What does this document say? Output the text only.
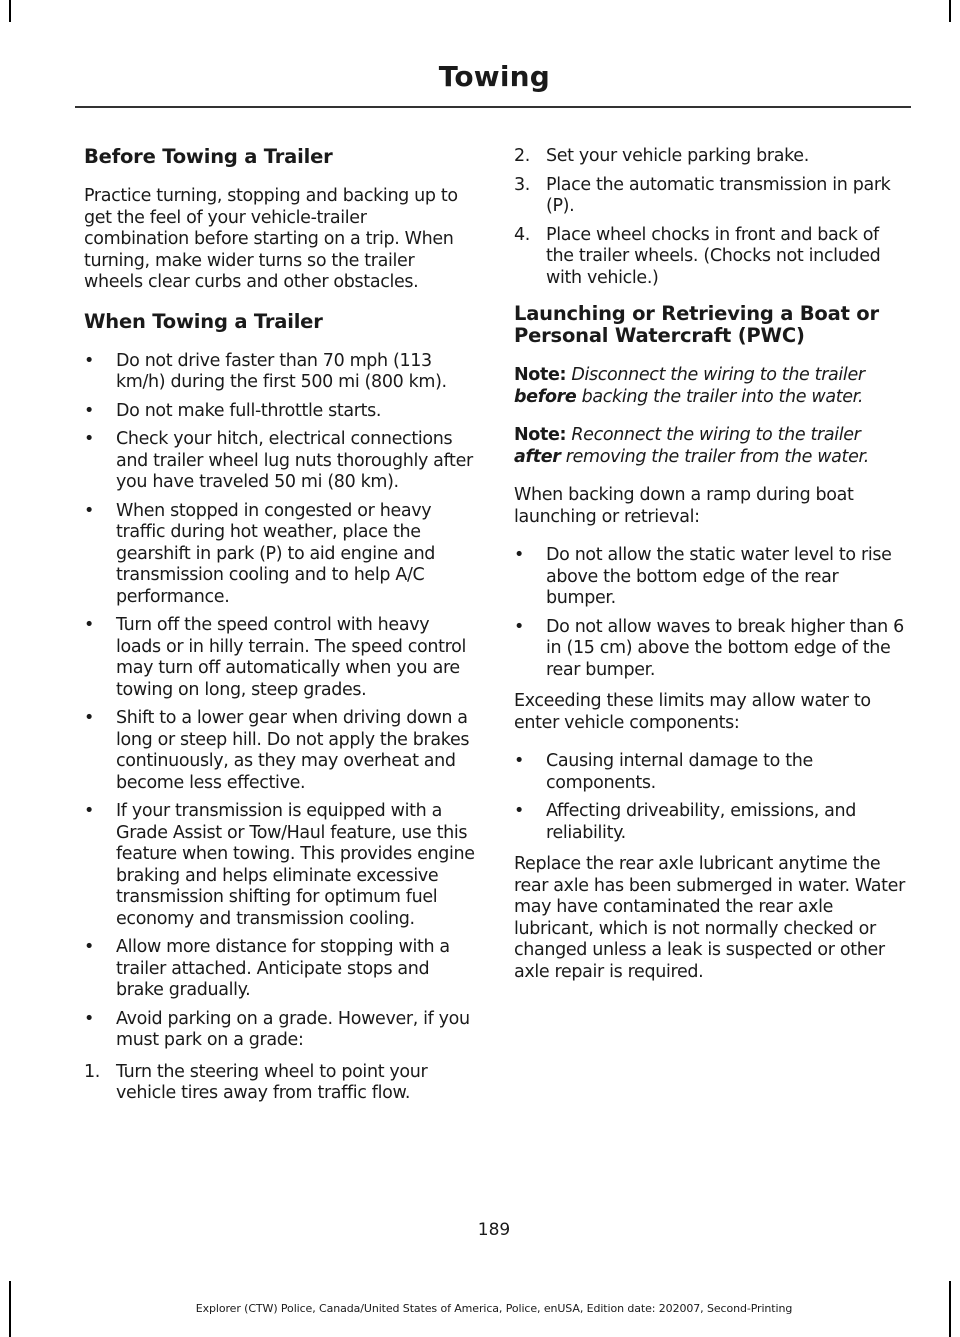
Towing
Before Towing a Trailer

Practice turning, stopping and backing up to get the feel of your vehicle-trailer combination before starting on a trip. When turning, make wider turns so the trailer wheels clear curbs and other obstacles.

When Towing a Trailer
• Do not drive faster than 70 mph (113 km/h) during the first 500 mi (800 km).
• Do not make full-throttle starts.
• Check your hitch, electrical connections and trailer wheel lug nuts thoroughly after you have traveled 50 mi (80 km).
• When stopped in congested or heavy traffic during hot weather, place the gearshift in park (P) to aid engine and transmission cooling and to help A/C performance.
• Turn off the speed control with heavy loads or in hilly terrain. The speed control may turn off automatically when you are towing on long, steep grades.
• Shift to a lower gear when driving down a long or steep hill. Do not apply the brakes continuously, as they may overheat and become less effective.
• If your transmission is equipped with a Grade Assist or Tow/Haul feature, use this feature when towing. This provides engine braking and helps eliminate excessive transmission shifting for optimum fuel economy and transmission cooling.
• Allow more distance for stopping with a trailer attached. Anticipate stops and brake gradually.
• Avoid parking on a grade. However, if you must park on a grade:
1. Turn the steering wheel to point your vehicle tires away from traffic flow.
2. Set your vehicle parking brake.
3. Place the automatic transmission in park (P).
4. Place wheel chocks in front and back of the trailer wheels. (Chocks not included with vehicle.)
Launching or Retrieving a Boat or Personal Watercraft (PWC)

Note: Disconnect the wiring to the trailer before backing the trailer into the water.

Note: Reconnect the wiring to the trailer after removing the trailer from the water.

When backing down a ramp during boat launching or retrieval:

• Do not allow the static water level to rise above the bottom edge of the rear bumper.
• Do not allow waves to break higher than 6 in (15 cm) above the bottom edge of the rear bumper.

Exceeding these limits may allow water to enter vehicle components:

• Causing internal damage to the components.
• Affecting driveability, emissions, and reliability.

Replace the rear axle lubricant anytime the rear axle has been submerged in water. Water may have contaminated the rear axle lubricant, which is not normally checked or changed unless a leak is suspected or other axle repair is required.

189
Explorer (CTW) Police, Canada/United States of America, Police, enUSA, Edition date: 202007, Second-Printing
